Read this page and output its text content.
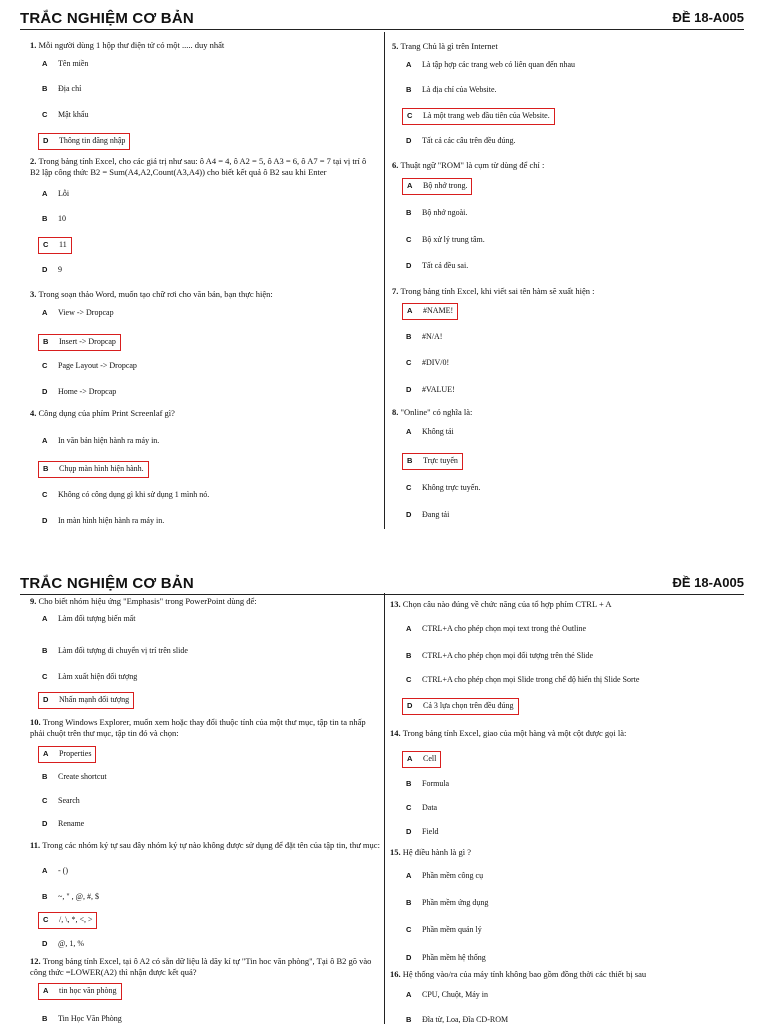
TRẮC NGHIỆM CƠ BẢN	ĐỀ 18-A005
1. Mỗi người dùng 1 hộp thư điện tử có một ..... duy nhất
A Tên miền
B Địa chỉ
C Mật khẩu
D Thông tin đăng nhập
2. Trong bảng tính Excel, cho các giá trị như sau: ô A4 = 4, ô A2 = 5, ô A3 = 6, ô A7 = 7 tại vị trí ô B2 lập công thức B2 = Sum(A4,A2,Count(A3,A4)) cho biết kết quả ô B2 sau khi Enter
A Lỗi
B 10
C 11
D 9
3. Trong soạn thảo Word, muốn tạo chữ rơi cho văn bản, bạn thực hiện:
A View -> Dropcap
B Insert -> Dropcap
C Page Layout -> Dropcap
D Home -> Dropcap
4. Công dụng của phím Print Screenlaf gì?
A In văn bản hiện hành ra máy in.
B Chụp màn hình hiện hành.
C Không có công dụng gì khi sử dụng 1 mình nó.
D In màn hình hiện hành ra máy in.
5. Trang Chủ là gì trên Internet
A Là tập hợp các trang web có liên quan đến nhau
B Là địa chỉ của Website.
C Là một trang web đầu tiên của Website.
D Tất cả các câu trên đều đúng.
6. Thuật ngữ "ROM" là cụm từ dùng để chỉ :
A Bộ nhớ trong.
B Bộ nhớ ngoài.
C Bộ xử lý trung tâm.
D Tất cả đều sai.
7. Trong bảng tính Excel, khi viết sai tên hàm sẽ xuất hiện :
A #NAME!
B #N/A!
C #DIV/0!
D #VALUE!
8. "Online" có nghĩa là:
A Không tải
B Trực tuyến
C Không trực tuyến.
D Đang tải
TRẮC NGHIỆM CƠ BẢN	ĐỀ 18-A005
9. Cho biết nhóm hiệu ứng "Emphasis" trong PowerPoint dùng để:
A Làm đối tượng biến mất
B Làm đối tượng di chuyển vị trí trên slide
C Làm xuất hiện đối tượng
D Nhấn mạnh đối tượng
10. Trong Windows Explorer, muốn xem hoặc thay đổi thuộc tính của một thư mục, tập tin ta nhấp phải chuột trên thư mục, tập tin đó và chọn:
A Properties
B Create shortcut
C Search
D Rename
11. Trong các nhóm ký tự sau đây nhóm ký tự nào không được sử dụng để đặt tên của tập tin, thư mục:
A - ()
B ~, " , @, #, $
C /, \, *, <, >
D @, 1, %
12. Trong bảng tính Excel, tại ô A2 có sẵn dữ liệu là dãy kí tự "Tin hoc văn phòng", Tại ô B2 gõ vào công thức =LOWER(A2) thì nhận được kết quả?
A tin học văn phòng
B Tin Học Văn Phòng
13. Chọn câu nào đúng về chức năng của tổ hợp phím CTRL + A
A CTRL+A cho phép chọn mọi text trong thẻ Outline
B CTRL+A cho phép chọn mọi đối tượng trên thẻ Slide
C CTRL+A cho phép chọn mọi Slide trong chế độ hiển thị Slide Sorte
D Cả 3 lựa chọn trên đều đúng
14. Trong bảng tính Excel, giao của một hàng và một cột được gọi là:
A Cell
B Formula
C Data
D Field
15. Hệ điều hành là gì ?
A Phần mềm công cụ
B Phần mềm ứng dụng
C Phần mềm quản lý
D Phần mềm hệ thống
16. Hệ thống vào/ra của máy tính không bao gồm đồng thời các thiết bị sau
A CPU, Chuột, Máy in
B Đĩa từ, Loa, Đĩa CD-ROM
